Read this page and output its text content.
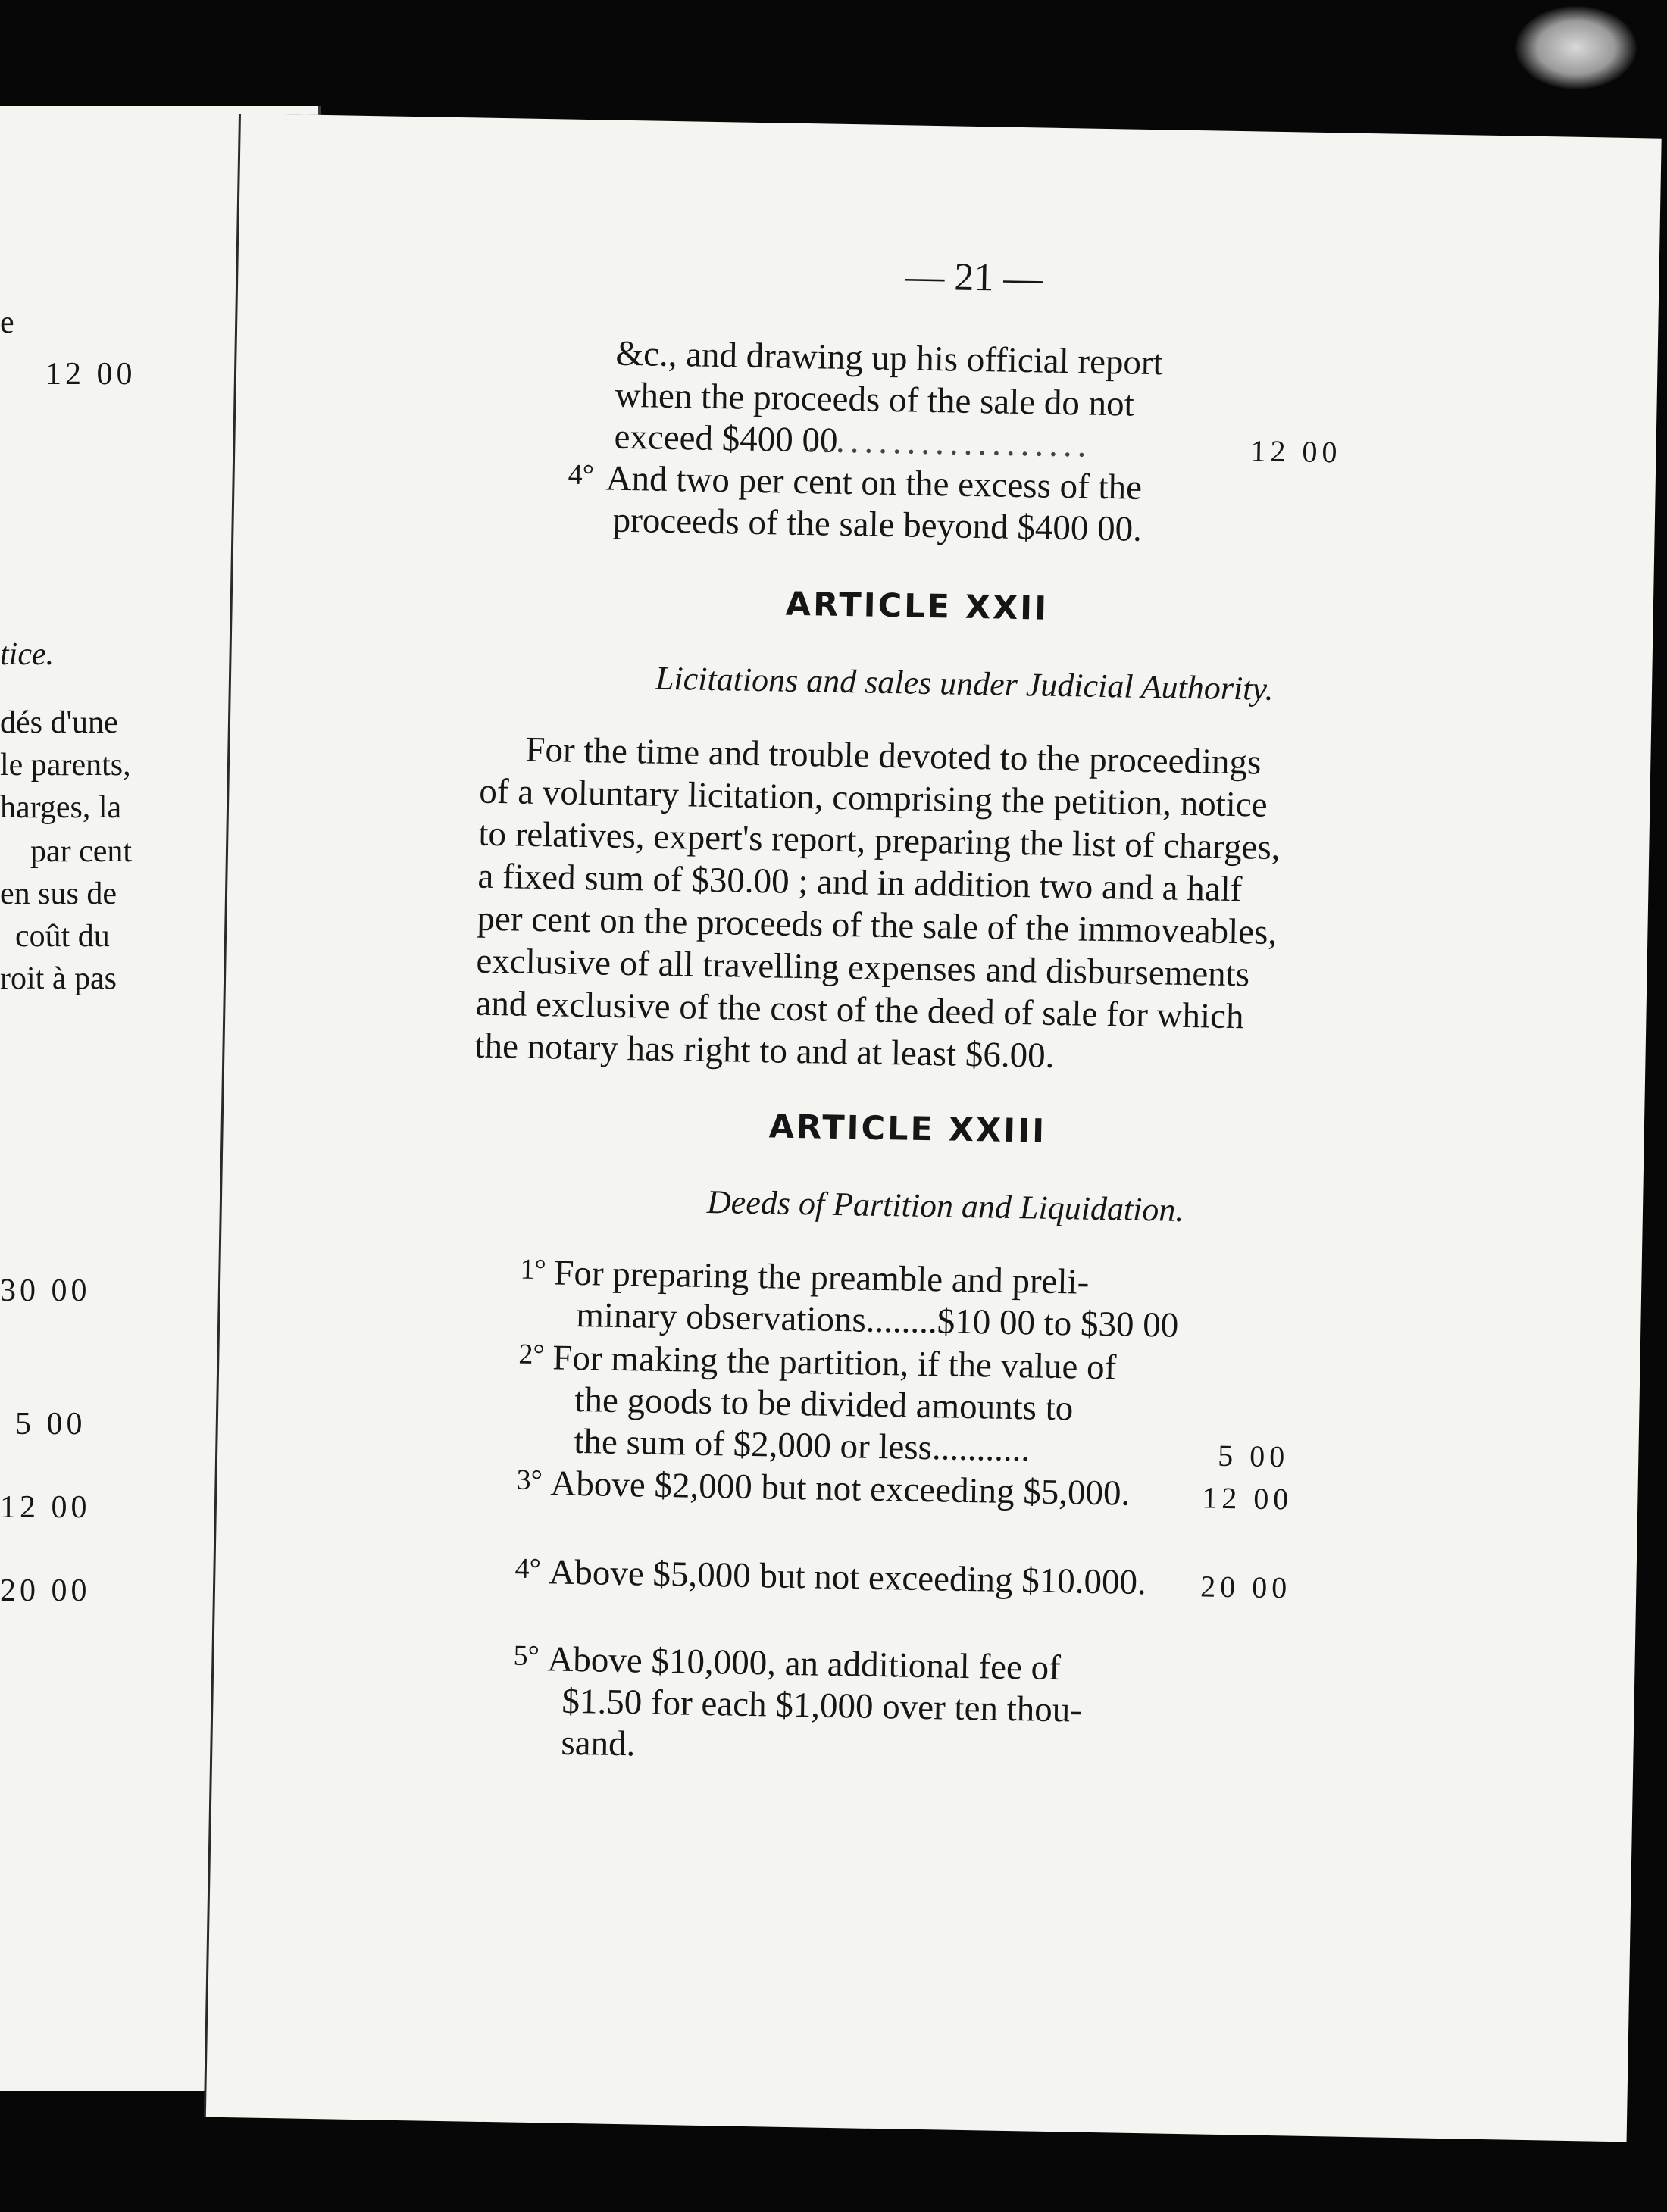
e
12 00
tice.
dés d'une
le parents,
harges, la
par cent
en sus de
coût du
roit à pas
30 00
5 00
12 00
20 00
— 21 —
&c., and drawing up his official report
when the proceeds of the sale do not
exceed $400 00
....................	12 00
4° And two per cent on the excess of the
proceeds of the sale beyond $400 00.
ARTICLE XXII
Licitations and sales under Judicial Authority.
For the time and trouble devoted to the proceedings
of a voluntary licitation, comprising the petition, notice
to relatives, expert's report, preparing the list of charges,
a fixed sum of $30.00 ; and in addition two and a half
per cent on the proceeds of the sale of the immoveables,
exclusive of all travelling expenses and disbursements
and exclusive of the cost of the deed of sale for which
the notary has right to and at least $6.00.
ARTICLE XXIII
Deeds of Partition and Liquidation.
1° For preparing the preamble and preli-
minary observations........$10 00 to $30 00
2° For making the partition, if the value of
the goods to be divided amounts to
the sum of $2,000 or less...........	5 00
3° Above $2,000 but not exceeding $5,000. 12 00
4° Above $5,000 but not exceeding $10.000. 20 00
5° Above $10,000, an additional fee of
$1.50 for each $1,000 over ten thou-
sand.
